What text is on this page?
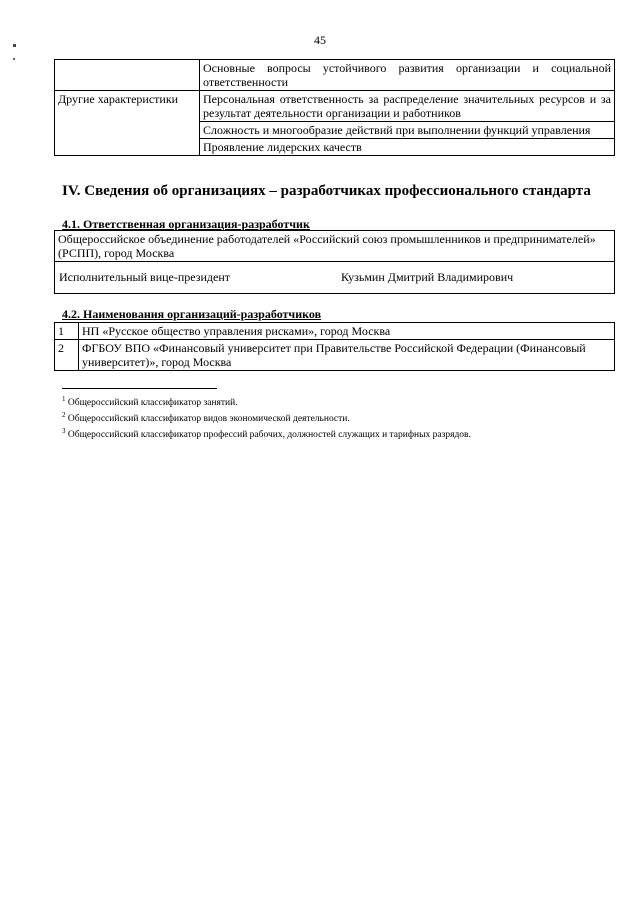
45
	Основные вопросы устойчивого развития организации и социальной ответственности
Другие характеристики	Персональная ответственность за распределение значительных ресурсов и за результат деятельности организации и работников
	Сложность и многообразие действий при выполнении функций управления
	Проявление лидерских качеств
IV. Сведения об организациях – разработчиках профессионального стандарта
4.1. Ответственная организация-разработчик
Общероссийское объединение работодателей «Российский союз промышленников и предпринимателей» (РСПП), город Москва
Исполнительный вице-президент	Кузьмин Дмитрий Владимирович
4.2. Наименования организаций-разработчиков
1	НП «Русское общество управления рисками», город Москва
2	ФГБОУ ВПО «Финансовый университет при Правительстве Российской Федерации (Финансовый университет)», город Москва
$^1$ Общероссийский классификатор занятий.
$^2$ Общероссийский классификатор видов экономической деятельности.
$^3$ Общероссийский классификатор профессий рабочих, должностей служащих и тарифных разрядов.
